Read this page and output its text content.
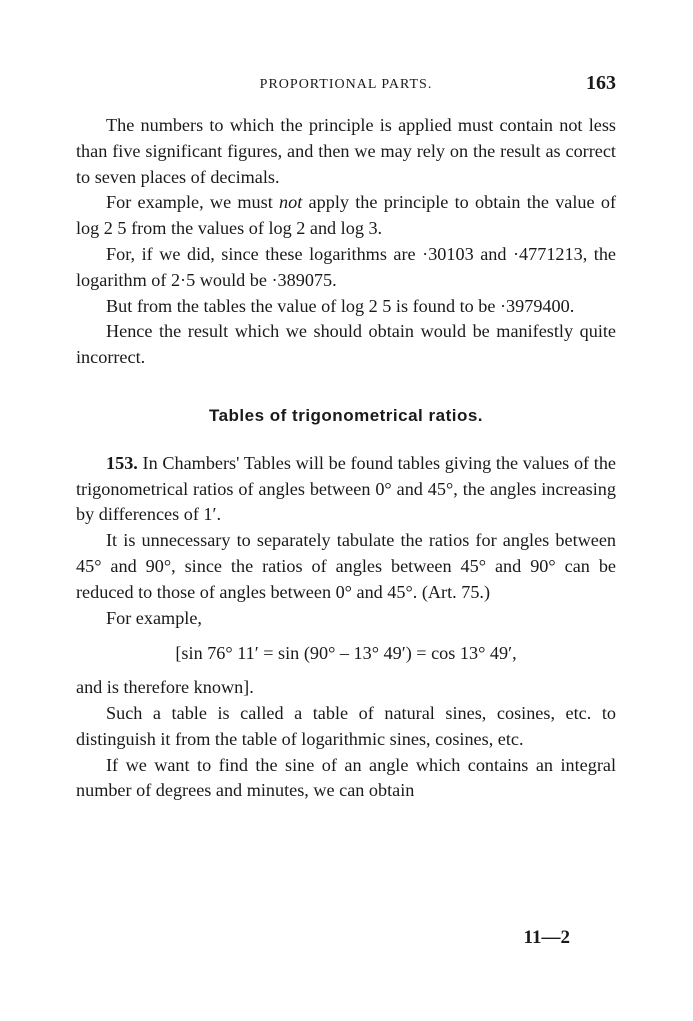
PROPORTIONAL PARTS.	163

The numbers to which the principle is applied must contain not less than five significant figures, and then we may rely on the result as correct to seven places of decimals.

For example, we must not apply the principle to obtain the value of log 2 5 from the values of log 2 and log 3.

For, if we did, since these logarithms are ·30103 and ·4771213, the logarithm of 2·5 would be ·389075.

But from the tables the value of log 2 5 is found to be ·3979400.

Hence the result which we should obtain would be manifestly quite incorrect.

Tables of trigonometrical ratios.

153. In Chambers' Tables will be found tables giving the values of the trigonometrical ratios of angles between 0° and 45°, the angles increasing by differences of 1′.

It is unnecessary to separately tabulate the ratios for angles between 45° and 90°, since the ratios of angles between 45° and 90° can be reduced to those of angles between 0° and 45°. (Art. 75.)

For example,

[sin 76° 11′ = sin (90° – 13° 49′) = cos 13° 49′,

and is therefore known].

Such a table is called a table of natural sines, cosines, etc. to distinguish it from the table of logarithmic sines, cosines, etc.

If we want to find the sine of an angle which contains an integral number of degrees and minutes, we can obtain

11—2
